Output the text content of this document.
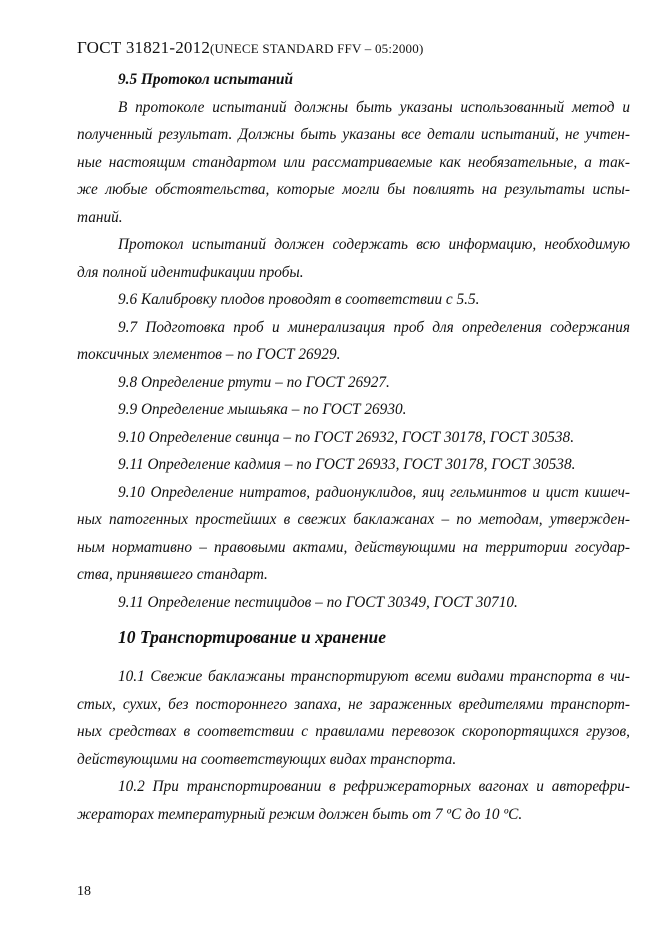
ГОСТ 31821-2012(UNECE STANDARD FFV – 05:2000)
9.5 Протокол испытаний
В протоколе испытаний должны быть указаны использованный метод и
полученный результат. Должны быть указаны все детали испытаний, не учтен-
ные настоящим стандартом или рассматриваемые как необязательные, а так-
же любые обстоятельства, которые могли бы повлиять на результаты испы-
таний.
Протокол испытаний должен содержать всю информацию, необходимую
для полной идентификации пробы.
9.6 Калибровку плодов проводят в соответствии с 5.5.
9.7 Подготовка проб и минерализация проб для определения содержания
токсичных элементов – по ГОСТ 26929.
9.8 Определение ртути – по ГОСТ 26927.
9.9 Определение мышьяка – по ГОСТ 26930.
9.10 Определение свинца – по ГОСТ 26932, ГОСТ 30178, ГОСТ 30538.
9.11 Определение кадмия – по ГОСТ 26933, ГОСТ 30178, ГОСТ 30538.
9.10 Определение нитратов, радионуклидов, яиц гельминтов и цист кишеч-
ных патогенных простейших в свежих баклажанах – по методам, утвержден-
ным нормативно – правовыми актами, действующими на территории государ-
ства, принявшего стандарт.
9.11 Определение пестицидов – по ГОСТ 30349, ГОСТ 30710.
10 Транспортирование и хранение
10.1 Свежие баклажаны транспортируют всеми видами транспорта в чи-
стых, сухих, без постороннего запаха, не зараженных вредителями транспорт-
ных средствах в соответствии с правилами перевозок скоропортящихся грузов,
действующими на соответствующих видах транспорта.
10.2 При транспортировании в рефрижераторных вагонах и авторефри-
жераторах температурный режим должен быть от 7 ºC до 10 ºC.
18
